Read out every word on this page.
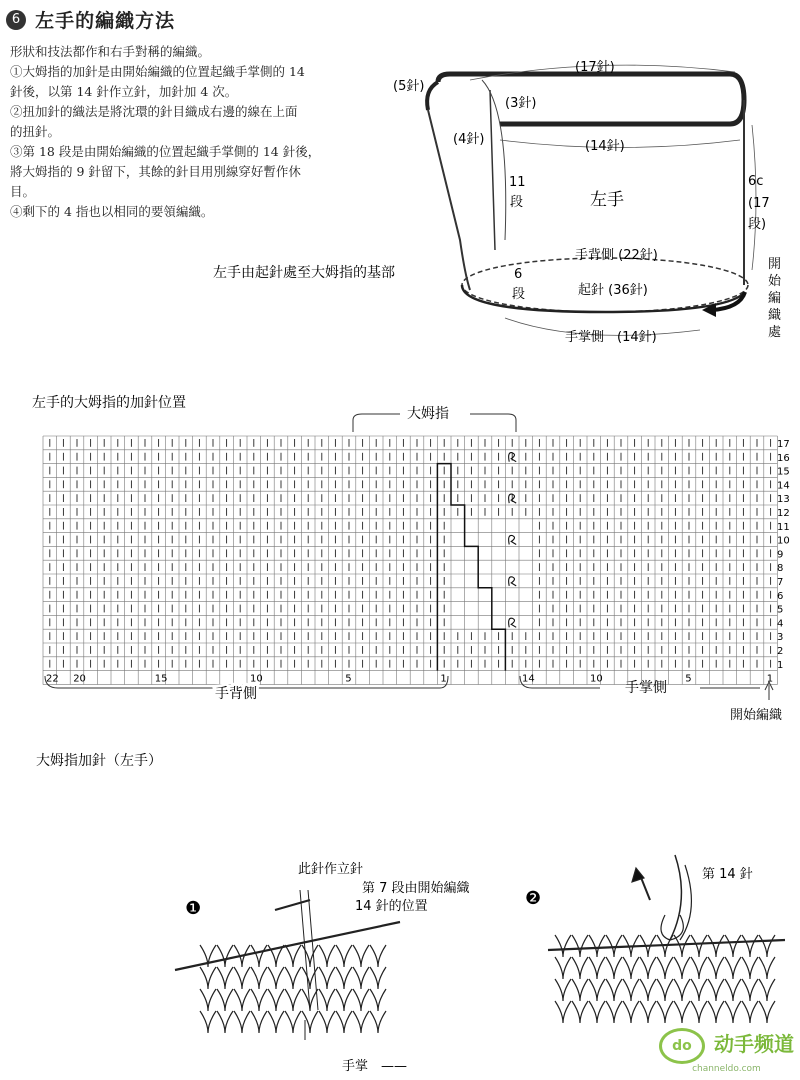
6 左手的編織方法
形狀和技法都作和右手對稱的編織。
①大姆指的加針是由開始編織的位置起織手掌側的 14
針後，以第 14 針作立針，加針加 4 次。
②扭加針的織法是將沈環的針目織成右邊的線在上面
的扭針。
③第 18 段是由開始編織的位置起織手掌側的 14 針後，
將大姆指的 9 針留下，其餘的針目用別線穿好暫作休
目。
④剩下的 4 指也以相同的要領編織。
(17針)
(5針)
(3針)
(4針)	(14針)
11
段	左手
6c
(17
段)
手背側 (22針)
6
段	起針 (36針)
手掌側　(14針)
開
始
編
織
處
左手由起針處至大姆指的基部
左手的大姆指的加針位置
大姆指
1
2
3
4
5
6
7
8
9
10
11
12
13
14
15
16
17
22 20	15	10	5	1	14	10	5	1
手背側	手掌側
開始編織
大姆指加針（左手）
❶	❷
此針作立針
第 7 段由開始編織
14 針的位置
第 14 針
手掌　——
do 动手频道
channeldo.com
